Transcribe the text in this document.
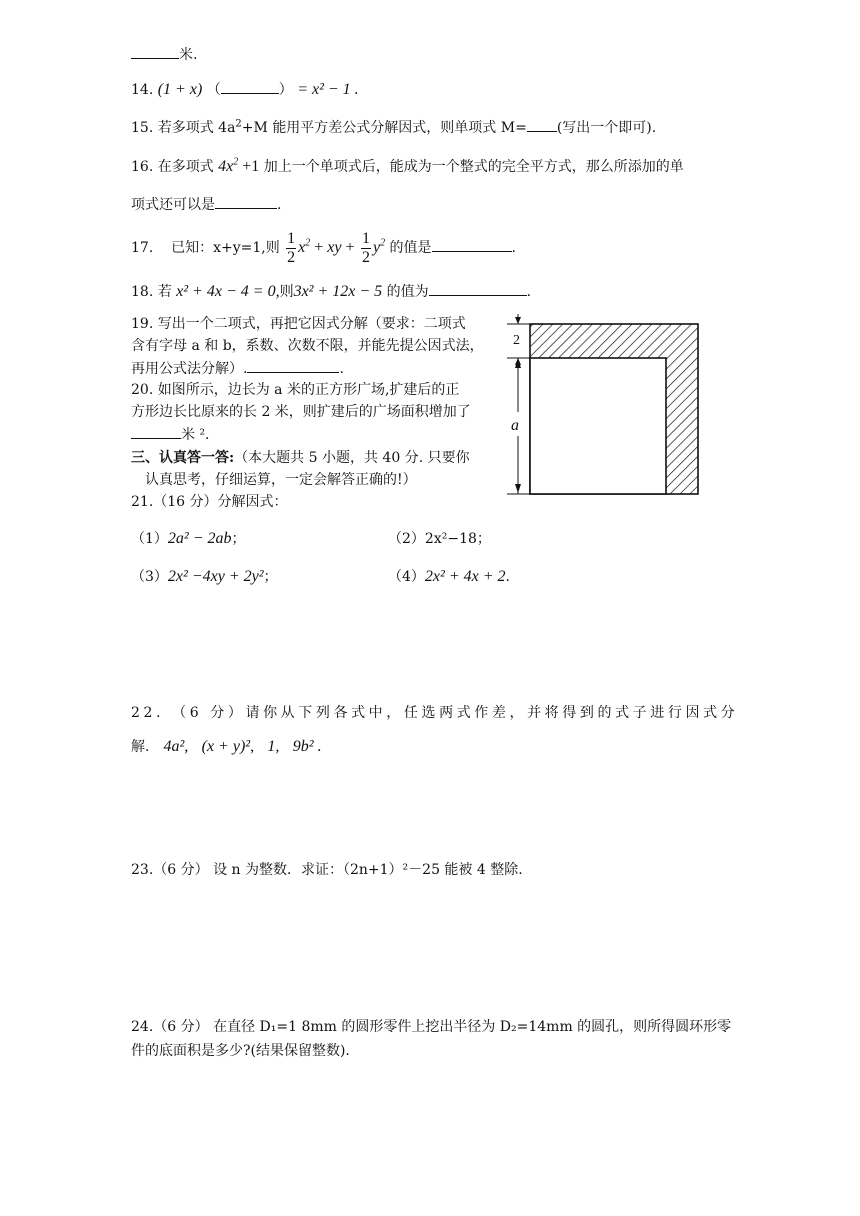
米.
14. (1 + x) （	） = x² − 1 .
15. 若多项式 $4a^2+M$ 能用平方差公式分解因式，则单项式 M= (写出一个即可).
16. 在多项式 $4x^2 +1$ 加上一个单项式后，能成为一个整式的完全平方式，那么所添加的单
项式还可以是	.
17. 已知：x+y=1,则 $\frac{1}{2} x^2$ + xy + $\frac{1}{2} y^2$ 的值是	.
18. 若 x² + 4x − 4 = 0,则3x² + 12x − 5 的值为	.
19. 写出一个二项式，再把它因式分解（要求：二项式
含有字母 a 和 b，系数、次数不限，并能先提公因式法，
再用公式法分解）.	.
20. 如图所示，边长为 a 米的正方形广场,扩建后的正
方形边长比原来的长 2 米，则扩建后的广场面积增加了
米 ².
三、认真答一答:（本大题共 5 小题，共 40 分. 只要你
认真思考，仔细运算，一定会解答正确的!）
21.（16 分）分解因式：
（1）2a² − 2ab；	（2）2x²−18；
（3）2x² −4xy + 2y²；	（4）2x² + 4x + 2.
22. （6 分）请你从下列各式中，任选两式作差，并将得到的式子进行因式分
解． 4a², (x + y)², 1, 9b² .
23.（6 分） 设 n 为整数．求证：（2n+1）²－25 能被 4 整除.
24.（6 分） 在直径 D₁=1 8mm 的圆形零件上挖出半径为 D₂=14mm 的圆孔，则所得圆环形零
件的底面积是多少?(结果保留整数).
2
a
